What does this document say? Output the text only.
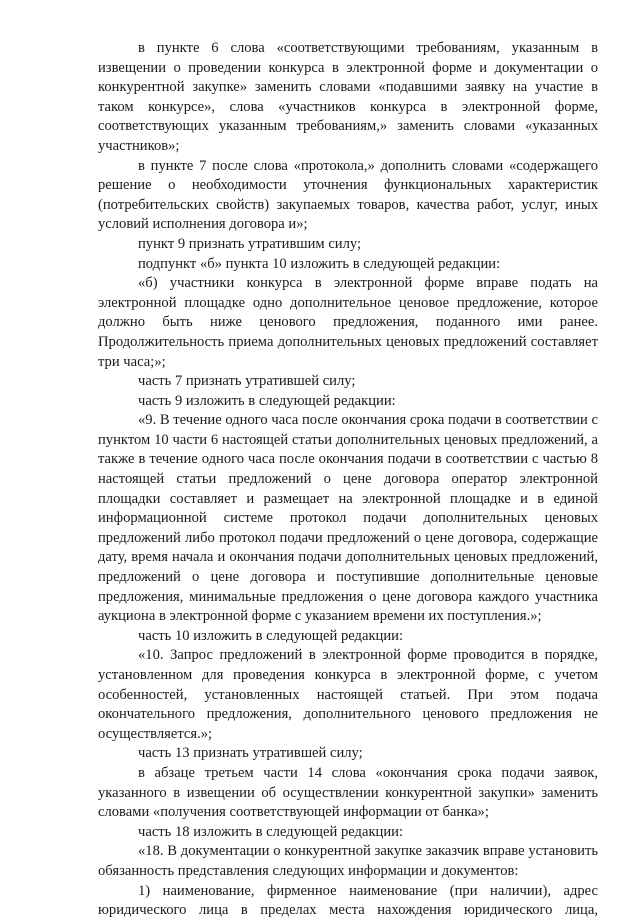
в пункте 6 слова «соответствующими требованиям, указанным в извещении о проведении конкурса в электронной форме и документации о конкурентной закупке» заменить словами «подавшими заявку на участие в таком конкурсе», слова «участников конкурса в электронной форме, соответствующих указанным требованиям,» заменить словами «указанных участников»;

в пункте 7 после слова «протокола,» дополнить словами «содержащего решение о необходимости уточнения функциональных характеристик (потребительских свойств) закупаемых товаров, качества работ, услуг, иных условий исполнения договора и»;

пункт 9 признать утратившим силу;

подпункт «б» пункта 10 изложить в следующей редакции:

«б) участники конкурса в электронной форме вправе подать на электронной площадке одно дополнительное ценовое предложение, которое должно быть ниже ценового предложения, поданного ими ранее. Продолжительность приема дополнительных ценовых предложений составляет три часа;»;

часть 7 признать утратившей силу;

часть 9 изложить в следующей редакции:

«9. В течение одного часа после окончания срока подачи в соответствии с пунктом 10 части 6 настоящей статьи дополнительных ценовых предложений, а также в течение одного часа после окончания подачи в соответствии с частью 8 настоящей статьи предложений о цене договора оператор электронной площадки составляет и размещает на электронной площадке и в единой информационной системе протокол подачи дополнительных ценовых предложений либо протокол подачи предложений о цене договора, содержащие дату, время начала и окончания подачи дополнительных ценовых предложений, предложений о цене договора и поступившие дополнительные ценовые предложения, минимальные предложения о цене договора каждого участника аукциона в электронной форме с указанием времени их поступления.»;

часть 10 изложить в следующей редакции:

«10. Запрос предложений в электронной форме проводится в порядке, установленном для проведения конкурса в электронной форме, с учетом особенностей, установленных настоящей статьей. При этом подача окончательного предложения, дополнительного ценового предложения не осуществляется.»;

часть 13 признать утратившей силу;

в абзаце третьем части 14 слова «окончания срока подачи заявок, указанного в извещении об осуществлении конкурентной закупки» заменить словами «получения соответствующей информации от банка»;

часть 18 изложить в следующей редакции:

«18. В документации о конкурентной закупке заказчик вправе установить обязанность представления следующих информации и документов:

1) наименование, фирменное наименование (при наличии), адрес юридического лица в пределах места нахождения юридического лица,
